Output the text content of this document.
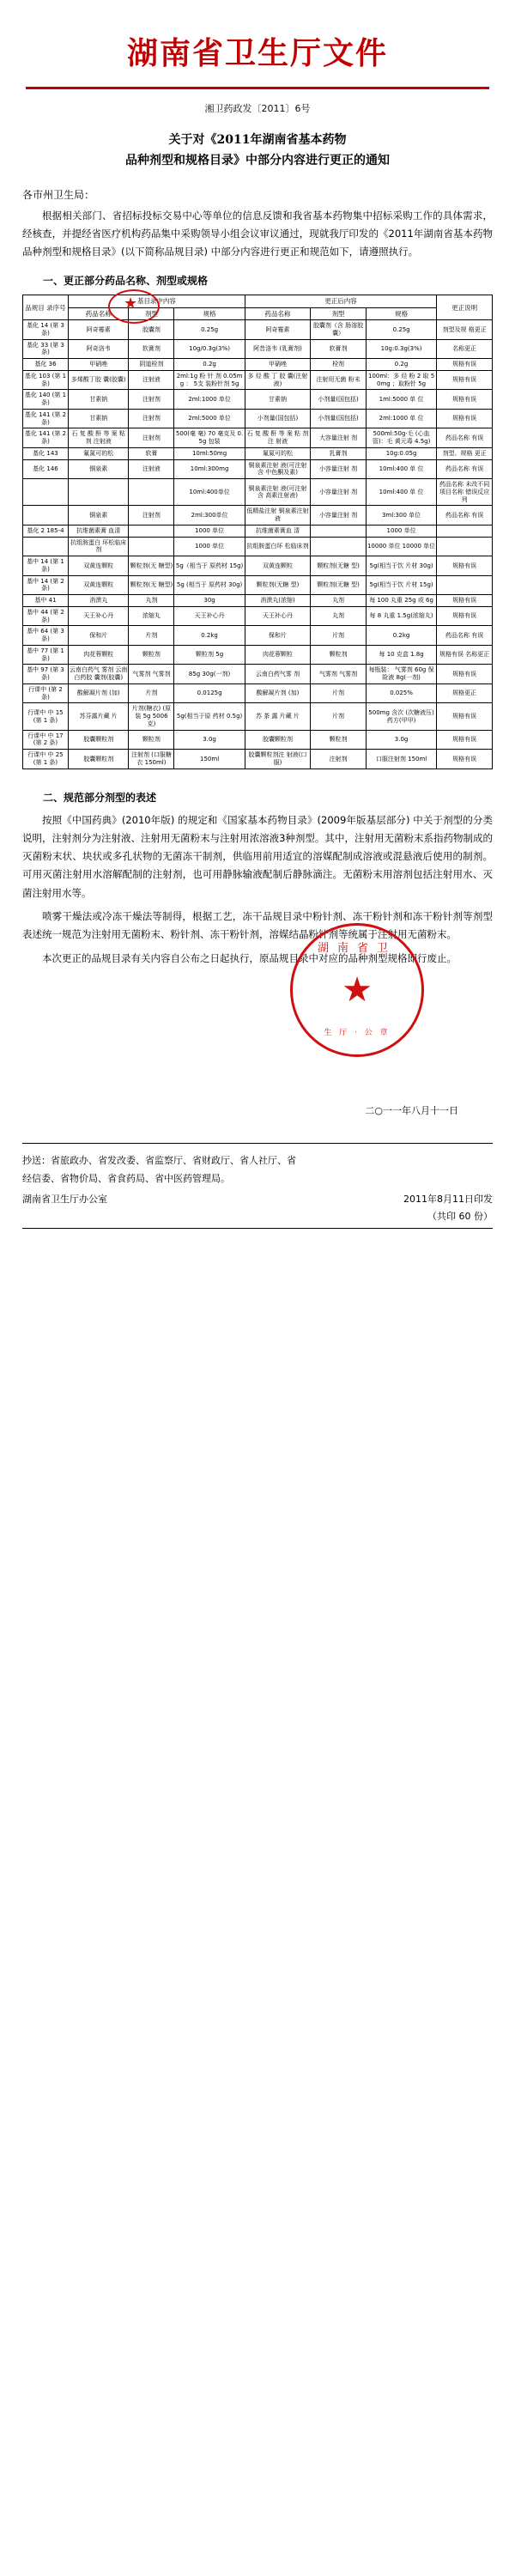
湖南省卫生厅文件
湘卫药政发〔2011〕6号
关于对《2011年湖南省基本药物
品种剂型和规格目录》中部分内容进行更正的通知
各市州卫生局：

根据相关部门、省招标投标交易中心等单位的信息反馈和我省基本药物集中招标采购工作的具体需求，经核查，并提经省医疗机构药品集中采购领导小组会议审议通过，现就我厅印发的《2011年湖南省基本药物品种剂型和规格目录》(以下简称品规目录) 中部分内容进行更正和规范如下，请遵照执行。

一、更正部分药品名称、剂型或规格
品规目 录序号	基目录中内容			更正后内容			更正说明
	药品名称	剂型	规格	药品名称	剂型	规格	
基化 14 (第 3 条)	阿奇霉素	胶囊剂	0.25g	阿奇霉素	胶囊剂（含 肠溶胶囊）	0.25g	剂型及规 格更正
基化 33 (第 3 条)	阿奇洛韦	软膏剂	10g/0.3g(3%)	阿昔洛韦 (乳膏剂)	软膏剂	10g:0.3g(3%)	名称更正
基化 36	甲硝唑	阴道栓剂	0.2g	甲硝唑	栓剂	0.2g	规格有误
基化 103 (第 1 条)	多烯酸丁胶 囊(胶囊)	注射液	2ml:1g 粉 针 剂 0.05mg ： 5支 装粉针剂 5g	多 烃 酸 丁 胶 囊(注射液)	注射用无菌 粉末	100ml：多 烃 粉 2 取 50mg ；取粉针 5g	规格有误
基化 140 (第 1 条)	甘素钠	注射剂	2ml:1000 单位	甘素钠	小剂量(国包括)	1ml:5000 单 位	规格有误
基化 141 (第 2 条)	甘素钠	注射剂	2ml:5000 单位	小剂量(国包括)	小剂量(国包括)	2ml:1000 单 位	规格有误
基化 141 (第 2 条)	石 复 酸 酐 等 案 粘 剂 注射液	注射剂	500(毫 毫) 70 毫克及 0.5g 包装	石 复 酸 酐 等 案 粘 剂 注 射液	大容量注射 剂	500ml:50g·毛 (心血管)：毛 黄元毒 4.5g)	药品名称 有误
基化 143	氟氮可的松	软膏	10ml:50mg	氟氮可的松	乳膏剂	10g:0.05g	剂型、规格 更正
基化 146	铜泉素	注射液	10ml:300mg	铜泉素注射 液(可注射含 中色酮及素)	小容量注射 剂	10ml:400 单 位	药品名称 有误
			10ml:400单位	铜泉素注射 液(可注射含 高素注射液)	小容量注射 剂	10ml:400 单 位	药品名称 未改不同 项目名称 错误反应 列
	铜泉素	注射剂	2ml:300单位	低精盐注射 铜泉素注射 液	小容量注射 剂	3ml:300 单位	药品名称 有误
基化 2 185-4	抗维菌素膏 血清		1000 单位	抗维菌素膏血 清		1000 单位	
	抗组胺蛋白 环松临床剂		1000 单位	抗组胺蛋白环 松临床剂		10000 单位 10000 单位	
基中 14 (第 1 条)	双黄连颗粒	颗粒剂(无 糖型)	5g（相当于 原药材 15g)	双黄连颗粒	颗粒剂(无糖 型)	5g(相当于饮 片材 30g)	规格有误
基中 14 (第 2 条)	双黄连颗粒	颗粒剂(无 糖型)	5g (相当于 原药材 30g)	颗粒剂(无糖 型)	颗粒剂(无糖 型)	5g(相当于饮 片材 15g)	
基中 41	消溃丸	丸剂	30g	消溃丸(浓缩)	丸剂	每 100 丸重 25g 或 6g	规格有误
基中 44 (第 2 条)	天王补心丹	浓缩丸	天王补心丹	天王补心丹	丸剂	每 8 丸重 1.5g(浓缩丸)	规格有误
基中 64 (第 3 条)	保和片	片剂	0.2kg	保和片	片剂	0.2kg	药品名称 有误
基中 77 (第 1 条)	肉花蓉颗粒	颗粒剂	颗粒剂 5g	肉花蓉颗粒	颗粒剂	每 10 克盒 1.8g	规格有误 名称更正
基中 97 (第 3 条)	云南白药气 雾剂 云南白药胶 囊剂(胶囊)	气雾剂 气雾剂	85g 30g(一剂)	云南白药气雾 剂	气雾剂 气雾剂	每瓶装： 气雾剂 60g 保险液 8g(一剂)	规格有误
行课中 (第 2 条)	酸解凝片剂 (加)	片剂	0.0125g	酸解凝片剂 (加)	片剂	0.025%	规格更正
行课中 中 15 (第 1 条)	苏芬露片藏 片	片剂(糖衣) (原装 5g 5006 克)	5g(相当于原 药材 0.5g)	苏 茶 露 片藏 片	片剂	500mg 含次 (次糖液压) 药方(甲甲)	规格有误
行课中 中 17 (第 2 条)	胶囊颗粒剂	颗粒剂	3.0g	胶囊颗粒剂	颗粒剂	3.0g	规格有误
行课中 中 25 (第 1 条)	胶囊颗粒剂	注射剂 (口服糖衣 150ml)	150ml	胶囊颗粒剂注 射液(口服)	注射剂	口服注射剂 150ml	规格有误
★
二、规范部分剂型的表述

按照《中国药典》(2010年版) 的规定和《国家基本药物目录》(2009年版基层部分) 中关于剂型的分类说明，注射剂分为注射液、注射用无菌粉末与注射用浓溶液3种剂型。其中，注射用无菌粉末系指药物制成的灭菌粉末状、块状或多孔状物的无菌冻干制剂，供临用前用适宜的溶媒配制成溶液或混悬液后使用的制剂。可用灭菌注射用水溶解配制的注射剂，也可用静脉输液配制后静脉滴注。无菌粉末用溶剂包括注射用水、灭菌注射用水等。

喷雾干燥法或冷冻干燥法等制得，根据工艺，冻干品规目录中粉针剂、冻干粉针剂和冻干粉针剂等剂型表述统一规范为注射用无菌粉末、粉针剂、冻干粉针剂，溶媒结晶粉针剂等统属于注射用无菌粉末。

本次更正的品规目录有关内容自公布之日起执行，原品规目录中对应的品种剂型规格即行废止。

湖南省卫
★
生 厅 · 公 章
二○一一年八月十一日
抄送：省旅政办、省发改委、省监察厅、省财政厅、省人社厅、省
经信委、省物价局、省食药局、省中医药管理局。
湖南省卫生厅办公室	2011年8月11日印发
（共印 60 份）
